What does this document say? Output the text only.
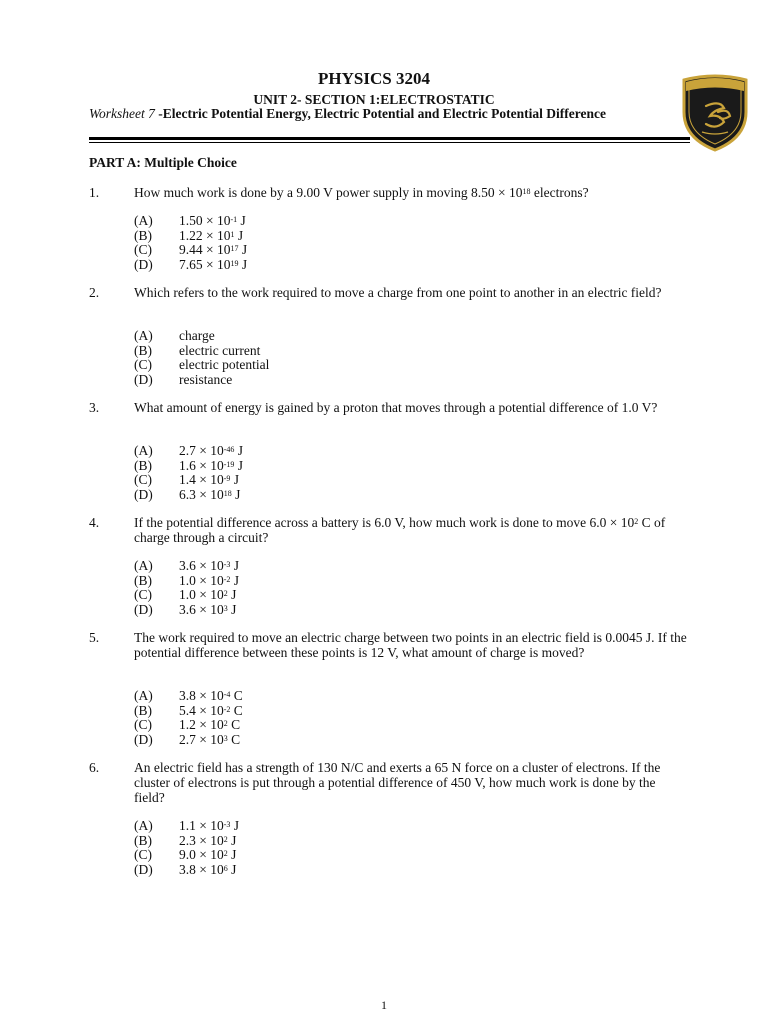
PHYSICS 3204
UNIT 2- SECTION 1:ELECTROSTATIC
Worksheet 7 -Electric Potential Energy, Electric Potential and Electric Potential Difference
PART A: Multiple Choice
1.	How much work is done by a 9.00 V power supply in moving $8.50 \times 10^{18}$ electrons?
(A) $1.50 \times 10^{-1}$ J
(B) $1.22 \times 10^1$ J
(C) $9.44 \times 10^{17}$ J
(D) $7.65 \times 10^{19}$ J
2.	Which refers to the work required to move a charge from one point to another in an electric field?
(A) charge
(B) electric current
(C) electric potential
(D) resistance
3.	What amount of energy is gained by a proton that moves through a potential difference of 1.0 V?
(A) $2.7 \times 10^{-46}$ J
(B) $1.6 \times 10^{-19}$ J
(C) $1.4 \times 10^{-9}$ J
(D) $6.3 \times 10^{18}$ J
4.	If the potential difference across a battery is 6.0 V, how much work is done to move $6.0 \times 10^2$ C of charge through a circuit?
(A) $3.6 \times 10^{-3}$ J
(B) $1.0 \times 10^{-2}$ J
(C) $1.0 \times 10^2$ J
(D) $3.6 \times 10^3$ J
5.	The work required to move an electric charge between two points in an electric field is 0.0045 J. If the potential difference between these points is 12 V, what amount of charge is moved?
(A) $3.8 \times 10^{-4}$ C
(B) $5.4 \times 10^{-2}$ C
(C) $1.2 \times 10^2$ C
(D) $2.7 \times 10^3$ C
6.	An electric field has a strength of 130 N/C and exerts a 65 N force on a cluster of electrons. If the cluster of electrons is put through a potential difference of 450 V, how much work is done by the field?
(A) $1.1 \times 10^{-3}$ J
(B) $2.3 \times 10^2$ J
(C) $9.0 \times 10^2$ J
(D) $3.8 \times 10^6$ J
1
